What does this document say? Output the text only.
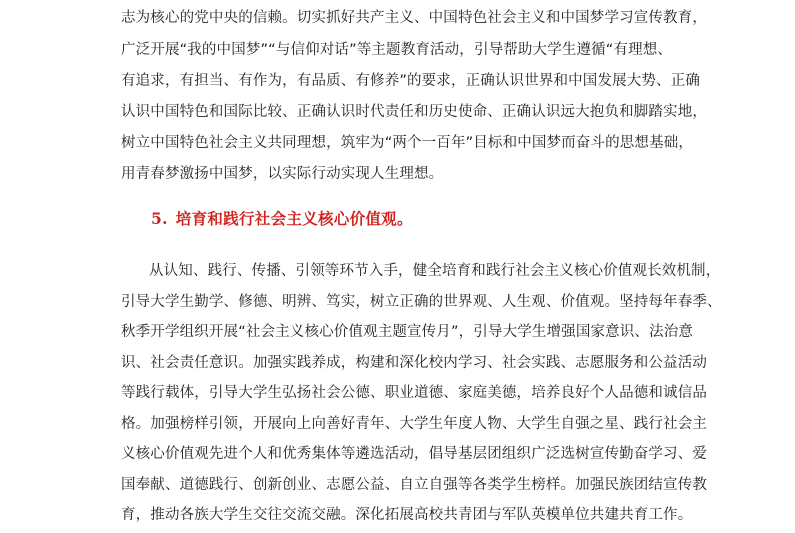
志为核心的党中央的信赖。切实抓好共产主义、中国特色社会主义和中国梦学习宣传教育，
广泛开展“我的中国梦”“与信仰对话”等主题教育活动，引导帮助大学生遵循“有理想、
有追求，有担当、有作为，有品质、有修养”的要求，正确认识世界和中国发展大势、正确
认识中国特色和国际比较、正确认识时代责任和历史使命、正确认识远大抱负和脚踏实地，
树立中国特色社会主义共同理想，筑牢为“两个一百年”目标和中国梦而奋斗的思想基础，
用青春梦激扬中国梦，以实际行动实现人生理想。
5. 培育和践行社会主义核心价值观。
从认知、践行、传播、引领等环节入手，健全培育和践行社会主义核心价值观长效机制，
引导大学生勤学、修德、明辨、笃实，树立正确的世界观、人生观、价值观。坚持每年春季、
秋季开学组织开展“社会主义核心价值观主题宣传月”，引导大学生增强国家意识、法治意
识、社会责任意识。加强实践养成，构建和深化校内学习、社会实践、志愿服务和公益活动
等践行载体，引导大学生弘扬社会公德、职业道德、家庭美德，培养良好个人品德和诚信品
格。加强榜样引领，开展向上向善好青年、大学生年度人物、大学生自强之星、践行社会主
义核心价值观先进个人和优秀集体等遴选活动，倡导基层团组织广泛选树宣传勤奋学习、爱
国奉献、道德践行、创新创业、志愿公益、自立自强等各类学生榜样。加强民族团结宣传教
育，推动各族大学生交往交流交融。深化拓展高校共青团与军队英模单位共建共育工作。
